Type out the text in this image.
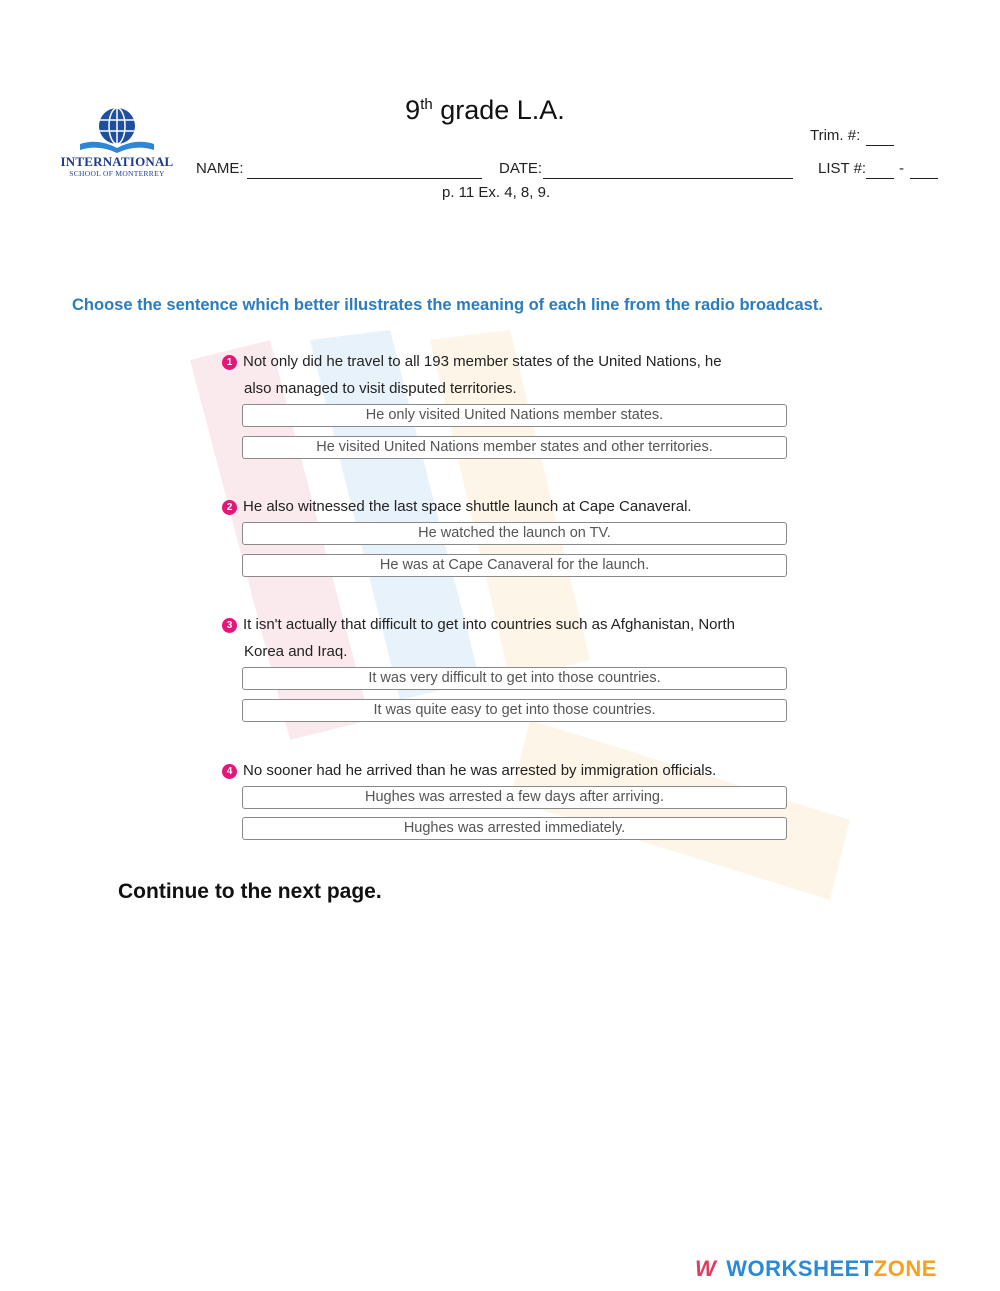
INTERNATIONAL
SCHOOL OF MONTERREY
9th grade L.A.
Trim. #:
NAME:	DATE:	LIST #: -
p. 11 Ex. 4, 8, 9.
Choose the sentence which better illustrates the meaning of each line from the radio broadcast.
1 Not only did he travel to all 193 member states of the United Nations, he
also managed to visit disputed territories.
He only visited United Nations member states.
He visited United Nations member states and other territories.
2 He also witnessed the last space shuttle launch at Cape Canaveral.
He watched the launch on TV.
He was at Cape Canaveral for the launch.
3 It isn't actually that difficult to get into countries such as Afghanistan, North
Korea and Iraq.
It was very difficult to get into those countries.
It was quite easy to get into those countries.
4 No sooner had he arrived than he was arrested by immigration officials.
Hughes was arrested a few days after arriving.
Hughes was arrested immediately.
Continue to the next page.
W WORKSHEETZONE
